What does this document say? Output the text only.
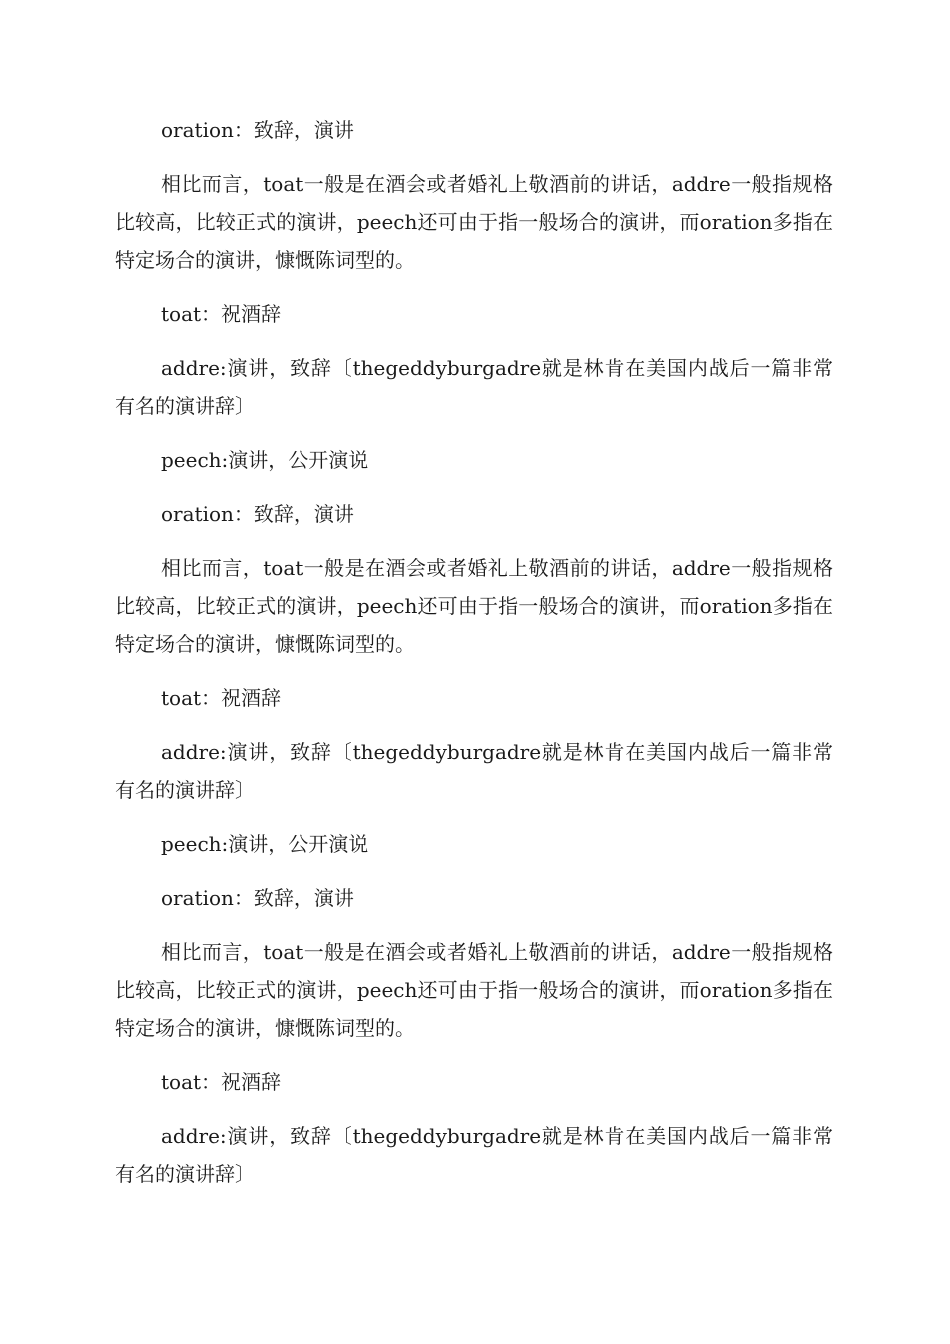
oration：致辞，演讲

相比而言，toat一般是在酒会或者婚礼上敬酒前的讲话，addre一般指规格比较高，比较正式的演讲，peech还可由于指一般场合的演讲，而oration多指在特定场合的演讲，慷慨陈词型的。

toat：祝酒辞

addre:演讲，致辞〔thegeddyburgadre就是林肯在美国内战后一篇非常有名的演讲辞〕

peech:演讲，公开演说

oration：致辞，演讲

相比而言，toat一般是在酒会或者婚礼上敬酒前的讲话，addre一般指规格比较高，比较正式的演讲，peech还可由于指一般场合的演讲，而oration多指在特定场合的演讲，慷慨陈词型的。

toat：祝酒辞

addre:演讲，致辞〔thegeddyburgadre就是林肯在美国内战后一篇非常有名的演讲辞〕

peech:演讲，公开演说

oration：致辞，演讲

相比而言，toat一般是在酒会或者婚礼上敬酒前的讲话，addre一般指规格比较高，比较正式的演讲，peech还可由于指一般场合的演讲，而oration多指在特定场合的演讲，慷慨陈词型的。

toat：祝酒辞

addre:演讲，致辞〔thegeddyburgadre就是林肯在美国内战后一篇非常有名的演讲辞〕
